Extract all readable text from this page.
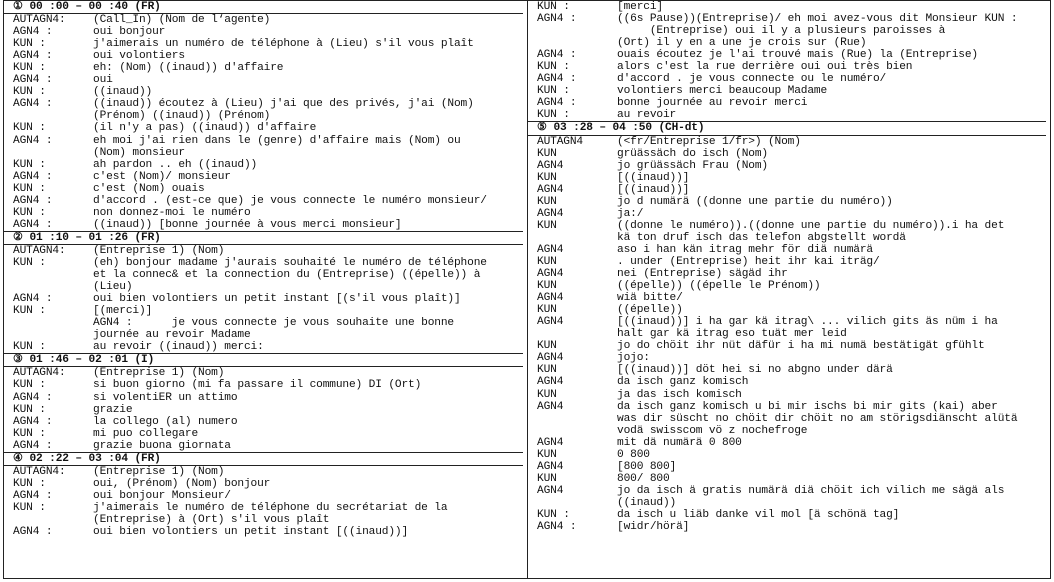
① 00 :00 – 00 :40 (FR)
AUTAGN4:	(Call_In) (Nom de l‘agente)
AGN4 :	oui bonjour
KUN :	j'aimerais un numéro de téléphone à (Lieu) s'il vous plaît
AGN4 :	oui volontiers
KUN :	eh: (Nom) ((inaud)) d'affaire
AGN4 :	oui
KUN :	((inaud))
AGN4 :	((inaud)) écoutez à (Lieu) j'ai que des privés, j'ai (Nom)
(Prénom) ((inaud)) (Prénom)
KUN :	(il n'y a pas) ((inaud)) d'affaire
AGN4 :	eh moi j'ai rien dans le (genre) d'affaire mais (Nom) ou
(Nom) monsieur
KUN :	ah pardon .. eh ((inaud))
AGN4 :	c'est (Nom)/ monsieur
KUN :	c'est (Nom) ouais
AGN4 :	d'accord . (est-ce que) je vous connecte le numéro monsieur/
KUN :	non donnez-moi le numéro
AGN4 :	((inaud)) [bonne journée à vous merci monsieur]
② 01 :10 – 01 :26 (FR)
AUTAGN4:	(Entreprise 1) (Nom)
KUN :	(eh) bonjour madame j'aurais souhaité le numéro de téléphone
et la connec& et la connection du (Entreprise) ((épelle)) à
(Lieu)
AGN4 :	oui bien volontiers un petit instant [(s'il vous plaît)]
KUN :	[(merci)]
AGN4 :      je vous connecte je vous souhaite une bonne
journée au revoir Madame
KUN :	au revoir ((inaud)) merci:
③ 01 :46 – 02 :01 (I)
AUTAGN4:	(Entreprise 1) (Nom)
KUN :	si buon giorno (mi fa passare il commune) DI (Ort)
AGN4 :	si volentiER un attimo
KUN :	grazie
AGN4 :	la collego (al) numero
KUN :	mi puo collegare
AGN4 :	grazie buona giornata
④ 02 :22 – 03 :04 (FR)
AUTAGN4:	(Entreprise 1) (Nom)
KUN :	oui, (Prénom) (Nom) bonjour
AGN4 :	oui bonjour Monsieur/
KUN :	j'aimerais le numéro de téléphone du secrétariat de la
(Entreprise) à (Ort) s'il vous plaît
AGN4 :	oui bien volontiers un petit instant [((inaud))]
KUN :	[merci]
AGN4 :	((6s Pause))(Entreprise)/ eh moi avez-vous dit Monsieur KUN :
(Entreprise) oui il y a plusieurs paroisses à
(Ort) il y en a une je crois sur (Rue)
AGN4 :	ouais écoutez je l'ai trouvé mais (Rue) la (Entreprise)
KUN :	alors c'est la rue derrière oui oui très bien
AGN4 :	d'accord . je vous connecte ou le numéro/
KUN :	volontiers merci beaucoup Madame
AGN4 :	bonne journée au revoir merci
KUN :	au revoir
⑤ 03 :28 – 04 :50 (CH-dt)
AUTAGN4	(<fr/Entreprise 1/fr>) (Nom)
KUN	grüässäch do isch (Nom)
AGN4	jo grüässäch Frau (Nom)
KUN	[((inaud))]
AGN4	[((inaud))]
KUN	jo d numärä ((donne une partie du numéro))
AGN4	ja:/
KUN	((donne le numéro)).((donne une partie du numéro)).i ha det
kä ton druf isch das telefon abgstellt wordä
AGN4	aso i han kän itrag mehr för diä numärä
KUN	. under (Entreprise) heit ihr kai iträg/
AGN4	nei (Entreprise) sägäd ihr
KUN	((épelle)) ((épelle le Prénom))
AGN4	wiä bitte/
KUN	((épelle))
AGN4	[((inaud))] i ha gar kä itrag\ ... vilich gits äs nüm i ha
halt gar kä itrag eso tuät mer leid
KUN	jo do chöit ihr nüt däfür i ha mi numä bestätigät gfühlt
AGN4	jojo:
KUN	[((inaud))] döt hei si no abgno under därä
AGN4	da isch ganz komisch
KUN	ja das isch komisch
AGN4	da isch ganz komisch u bi mir ischs bi mir gits (kai) aber
was dir süscht no chöit dir chöit no am störigsdiänscht alütä
vodä swisscom vö z nochefroge
AGN4	mit dä numärä 0 800
KUN	0 800
AGN4	[800 800]
KUN	800/ 800
AGN4	jo da isch ä gratis numärä diä chöit ich vilich me sägä als
((inaud))
KUN :	da isch u liäb danke vil mol [ä schönä tag]
AGN4 :	[widr/hörä]
